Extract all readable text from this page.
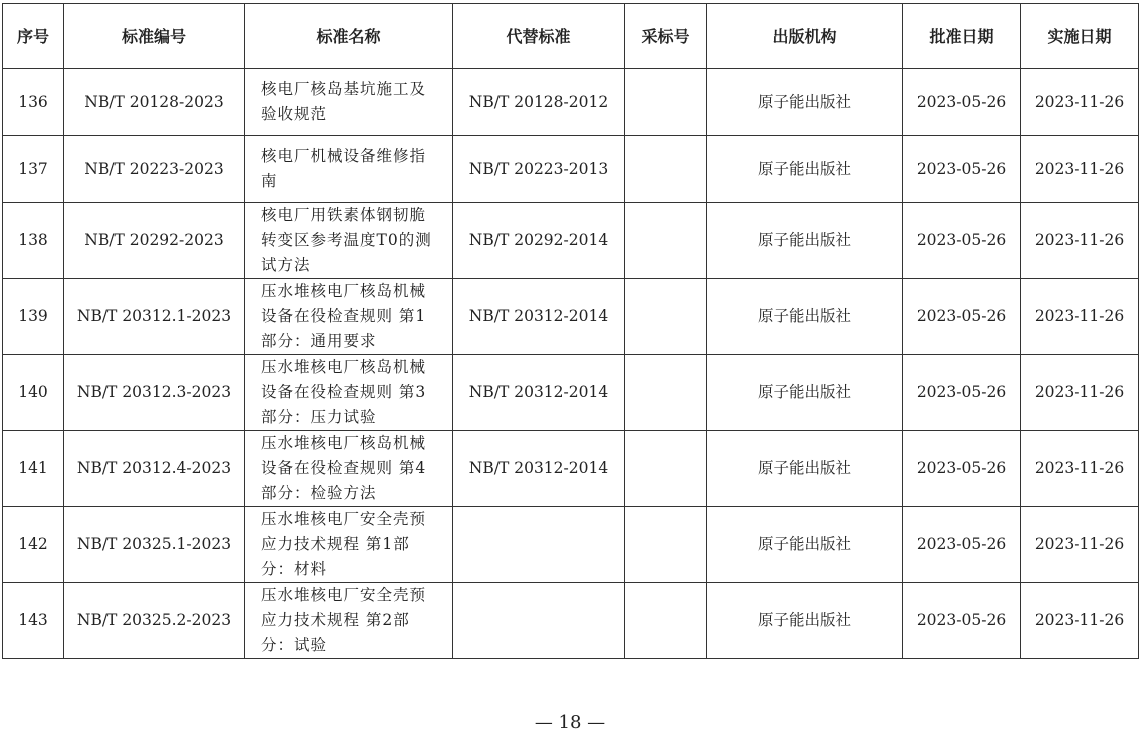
序号	标准编号	标准名称	代替标准	采标号	出版机构	批准日期	实施日期
136	NB/T 20128-2023	核电厂核岛基坑施工及验收规范	NB/T 20128-2012		原子能出版社	2023-05-26	2023-11-26
137	NB/T 20223-2023	核电厂机械设备维修指南	NB/T 20223-2013		原子能出版社	2023-05-26	2023-11-26
138	NB/T 20292-2023	核电厂用铁素体钢韧脆转变区参考温度T0的测试方法	NB/T 20292-2014		原子能出版社	2023-05-26	2023-11-26
139	NB/T 20312.1-2023	压水堆核电厂核岛机械设备在役检查规则 第1部分：通用要求	NB/T 20312-2014		原子能出版社	2023-05-26	2023-11-26
140	NB/T 20312.3-2023	压水堆核电厂核岛机械设备在役检查规则 第3部分：压力试验	NB/T 20312-2014		原子能出版社	2023-05-26	2023-11-26
141	NB/T 20312.4-2023	压水堆核电厂核岛机械设备在役检查规则 第4部分：检验方法	NB/T 20312-2014		原子能出版社	2023-05-26	2023-11-26
142	NB/T 20325.1-2023	压水堆核电厂安全壳预应力技术规程 第1部分：材料			原子能出版社	2023-05-26	2023-11-26
143	NB/T 20325.2-2023	压水堆核电厂安全壳预应力技术规程 第2部分：试验			原子能出版社	2023-05-26	2023-11-26
— 18 —
